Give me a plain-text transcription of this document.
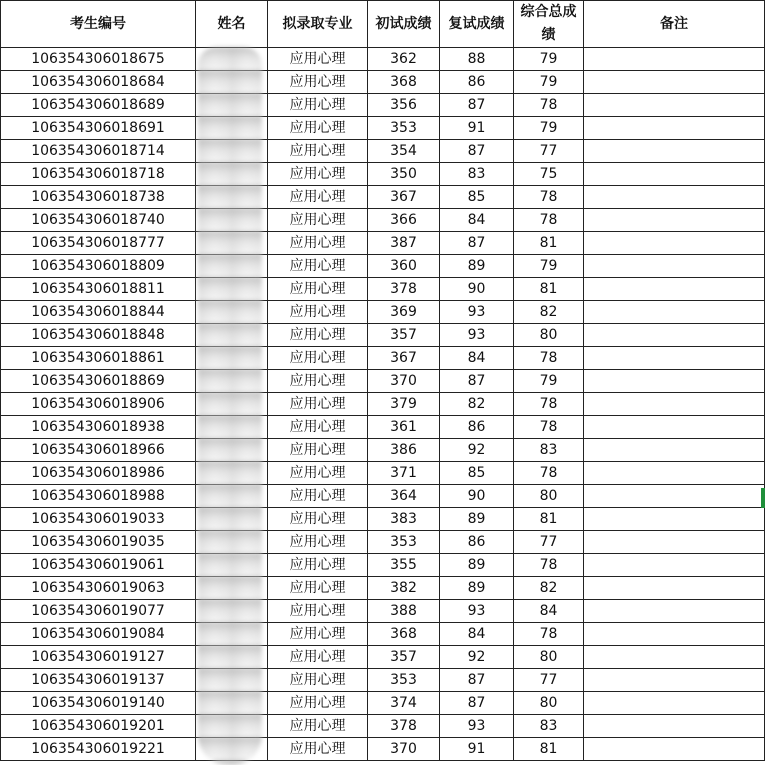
考生编号	姓名	拟录取专业	初试成绩	复试成绩	综合总成绩	备注
106354306018675		应用心理	362	88	79	
106354306018684		应用心理	368	86	79	
106354306018689		应用心理	356	87	78	
106354306018691		应用心理	353	91	79	
106354306018714		应用心理	354	87	77	
106354306018718		应用心理	350	83	75	
106354306018738		应用心理	367	85	78	
106354306018740		应用心理	366	84	78	
106354306018777		应用心理	387	87	81	
106354306018809		应用心理	360	89	79	
106354306018811		应用心理	378	90	81	
106354306018844		应用心理	369	93	82	
106354306018848		应用心理	357	93	80	
106354306018861		应用心理	367	84	78	
106354306018869		应用心理	370	87	79	
106354306018906		应用心理	379	82	78	
106354306018938		应用心理	361	86	78	
106354306018966		应用心理	386	92	83	
106354306018986		应用心理	371	85	78	
106354306018988		应用心理	364	90	80	
106354306019033		应用心理	383	89	81	
106354306019035		应用心理	353	86	77	
106354306019061		应用心理	355	89	78	
106354306019063		应用心理	382	89	82	
106354306019077		应用心理	388	93	84	
106354306019084		应用心理	368	84	78	
106354306019127		应用心理	357	92	80	
106354306019137		应用心理	353	87	77	
106354306019140		应用心理	374	87	80	
106354306019201		应用心理	378	93	83	
106354306019221		应用心理	370	91	81	
